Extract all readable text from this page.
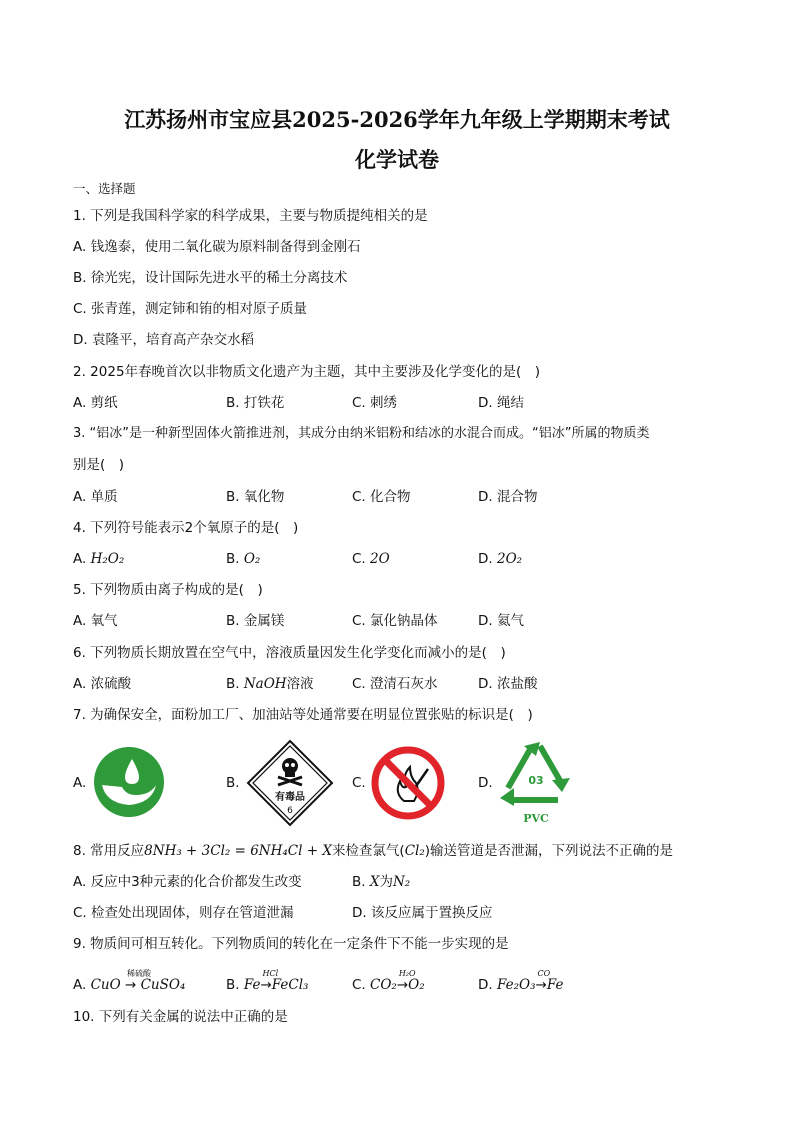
江苏扬州市宝应县2025-2026学年九年级上学期期末考试
化学试卷
一、选择题
1. 下列是我国科学家的科学成果，主要与物质提纯相关的是
A. 钱逸泰，使用二氧化碳为原料制备得到金刚石
B. 徐光宪，设计国际先进水平的稀土分离技术
C. 张青莲，测定铈和铕的相对原子质量
D. 袁隆平，培育高产杂交水稻
2. 2025年春晚首次以非物质文化遗产为主题，其中主要涉及化学变化的是(　)
A. 剪纸	B. 打铁花	C. 刺绣	D. 绳结
3. “铝冰”是一种新型固体火箭推进剂，其成分由纳米铝粉和结冰的水混合而成。“铝冰”所属的物质类
别是(　)
A. 单质	B. 氧化物	C. 化合物	D. 混合物
4. 下列符号能表示2个氧原子的是(　)
A. H₂O₂	B. O₂	C. 2O	D. 2O₂
5. 下列物质由离子构成的是(　)
A. 氧气	B. 金属镁	C. 氯化钠晶体	D. 氦气
6. 下列物质长期放置在空气中，溶液质量因发生化学变化而减小的是(　)
A. 浓硫酸	B. NaOH溶液	C. 澄清石灰水	D. 浓盐酸
7. 为确保安全，面粉加工厂、加油站等处通常要在明显位置张贴的标识是(　)
A.	B.
有毒品
6
C.	D.	03
PVC
8. 常用反应8NH₃ + 3Cl₂ = 6NH₄Cl + X来检查氯气(Cl₂)输送管道是否泄漏，下列说法不正确的是
A. 反应中3种元素的化合价都发生改变	B. X为N₂
C. 检查处出现固体，则存在管道泄漏	D. 该反应属于置换反应
9. 物质间可相互转化。下列物质间的转化在一定条件下不能一步实现的是
A. CuO
稀硫酸
→ CuSO₄	B. Fe
HCl
→FeCl₃	C. CO₂
H₂O
→O₂	D. Fe₂O₃
CO
→Fe
10. 下列有关金属的说法中正确的是
